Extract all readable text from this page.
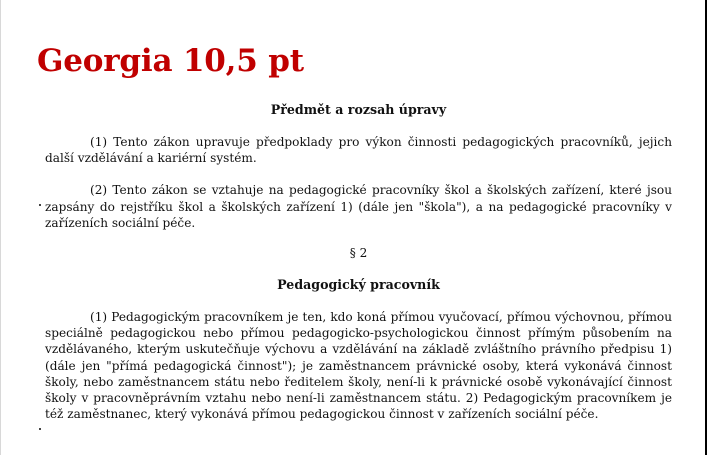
Georgia 10,5 pt

Předmět a rozsah úpravy

(1) Tento zákon upravuje předpoklady pro výkon činnosti pedagogických pracovníků, jejich další vzdělávání a kariérní systém.

(2) Tento zákon se vztahuje na pedagogické pracovníky škol a školských zařízení, které jsou zapsány do rejstříku škol a školských zařízení 1) (dále jen "škola"), a na pedagogické pracovníky v zařízeních sociální péče.

§ 2

Pedagogický pracovník

(1) Pedagogickým pracovníkem je ten, kdo koná přímou vyučovací, přímou výchovnou, přímou speciálně pedagogickou nebo přímou pedagogicko-psychologickou činnost přímým působením na vzdělávaného, kterým uskutečňuje výchovu a vzdělávání na základě zvláštního právního předpisu 1) (dále jen "přímá pedagogická činnost"); je zaměstnancem právnické osoby, která vykonává činnost školy, nebo zaměstnancem státu nebo ředitelem školy, není-li k právnické osobě vykonávající činnost školy v pracovněprávním vztahu nebo není-li zaměstnancem státu. 2) Pedagogickým pracovníkem je též zaměstnanec, který vykonává přímou pedagogickou činnost v zařízeních sociální péče.
